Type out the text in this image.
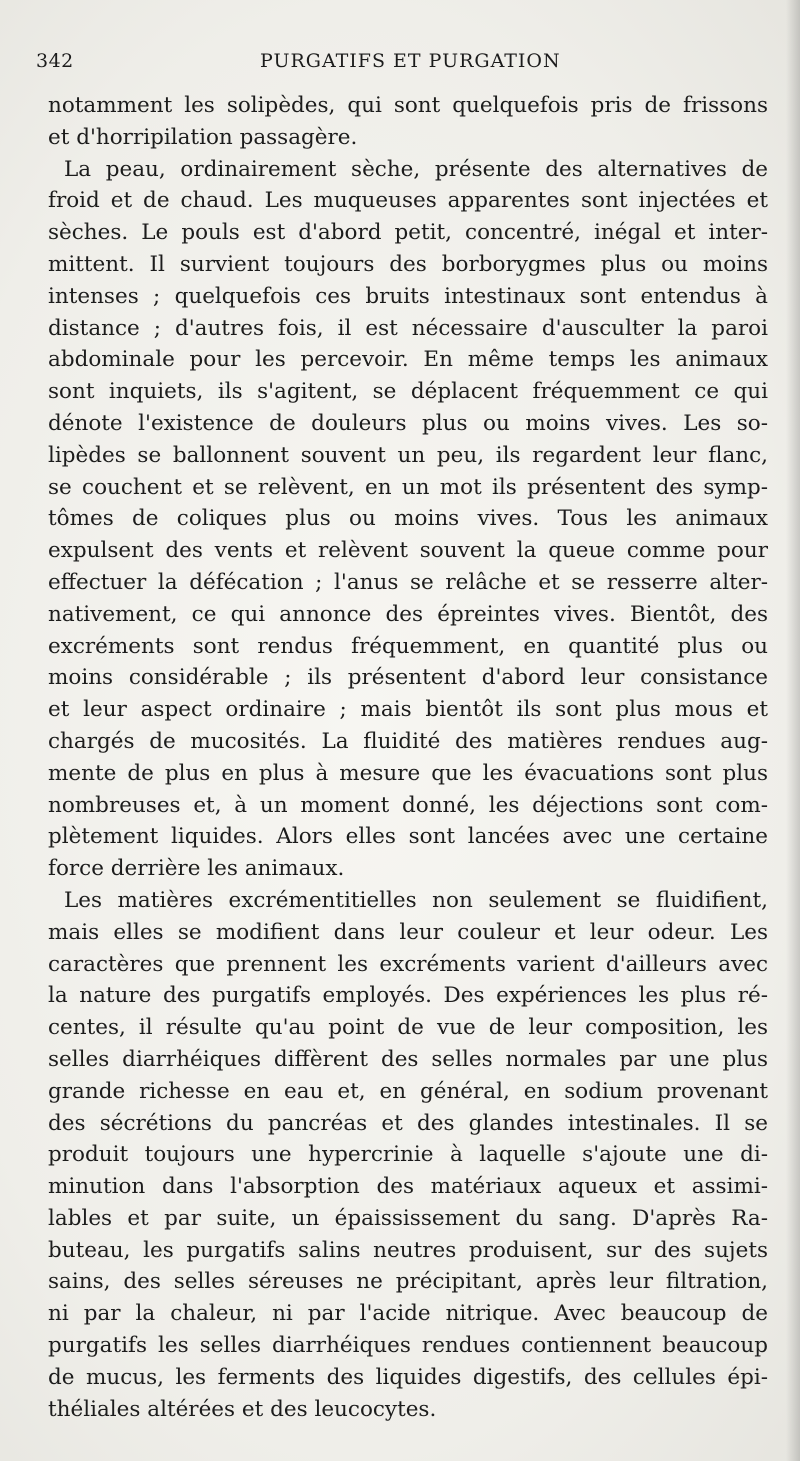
342	PURGATIFS ET PURGATION
notamment les solipèdes, qui sont quelquefois pris de frissons
et d'horripilation passagère.
La peau, ordinairement sèche, présente des alternatives de
froid et de chaud. Les muqueuses apparentes sont injectées et
sèches. Le pouls est d'abord petit, concentré, inégal et inter-
mittent. Il survient toujours des borborygmes plus ou moins
intenses ; quelquefois ces bruits intestinaux sont entendus à
distance ; d'autres fois, il est nécessaire d'ausculter la paroi
abdominale pour les percevoir. En même temps les animaux
sont inquiets, ils s'agitent, se déplacent fréquemment ce qui
dénote l'existence de douleurs plus ou moins vives. Les so-
lipèdes se ballonnent souvent un peu, ils regardent leur flanc,
se couchent et se relèvent, en un mot ils présentent des symp-
tômes de coliques plus ou moins vives. Tous les animaux
expulsent des vents et relèvent souvent la queue comme pour
effectuer la défécation ; l'anus se relâche et se resserre alter-
nativement, ce qui annonce des épreintes vives. Bientôt, des
excréments sont rendus fréquemment, en quantité plus ou
moins considérable ; ils présentent d'abord leur consistance
et leur aspect ordinaire ; mais bientôt ils sont plus mous et
chargés de mucosités. La fluidité des matières rendues aug-
mente de plus en plus à mesure que les évacuations sont plus
nombreuses et, à un moment donné, les déjections sont com-
plètement liquides. Alors elles sont lancées avec une certaine
force derrière les animaux.
Les matières excrémentitielles non seulement se fluidifient,
mais elles se modifient dans leur couleur et leur odeur. Les
caractères que prennent les excréments varient d'ailleurs avec
la nature des purgatifs employés. Des expériences les plus ré-
centes, il résulte qu'au point de vue de leur composition, les
selles diarrhéiques diffèrent des selles normales par une plus
grande richesse en eau et, en général, en sodium provenant
des sécrétions du pancréas et des glandes intestinales. Il se
produit toujours une hypercrinie à laquelle s'ajoute une di-
minution dans l'absorption des matériaux aqueux et assimi-
lables et par suite, un épaississement du sang. D'après Ra-
buteau, les purgatifs salins neutres produisent, sur des sujets
sains, des selles séreuses ne précipitant, après leur filtration,
ni par la chaleur, ni par l'acide nitrique. Avec beaucoup de
purgatifs les selles diarrhéiques rendues contiennent beaucoup
de mucus, les ferments des liquides digestifs, des cellules épi-
théliales altérées et des leucocytes.
